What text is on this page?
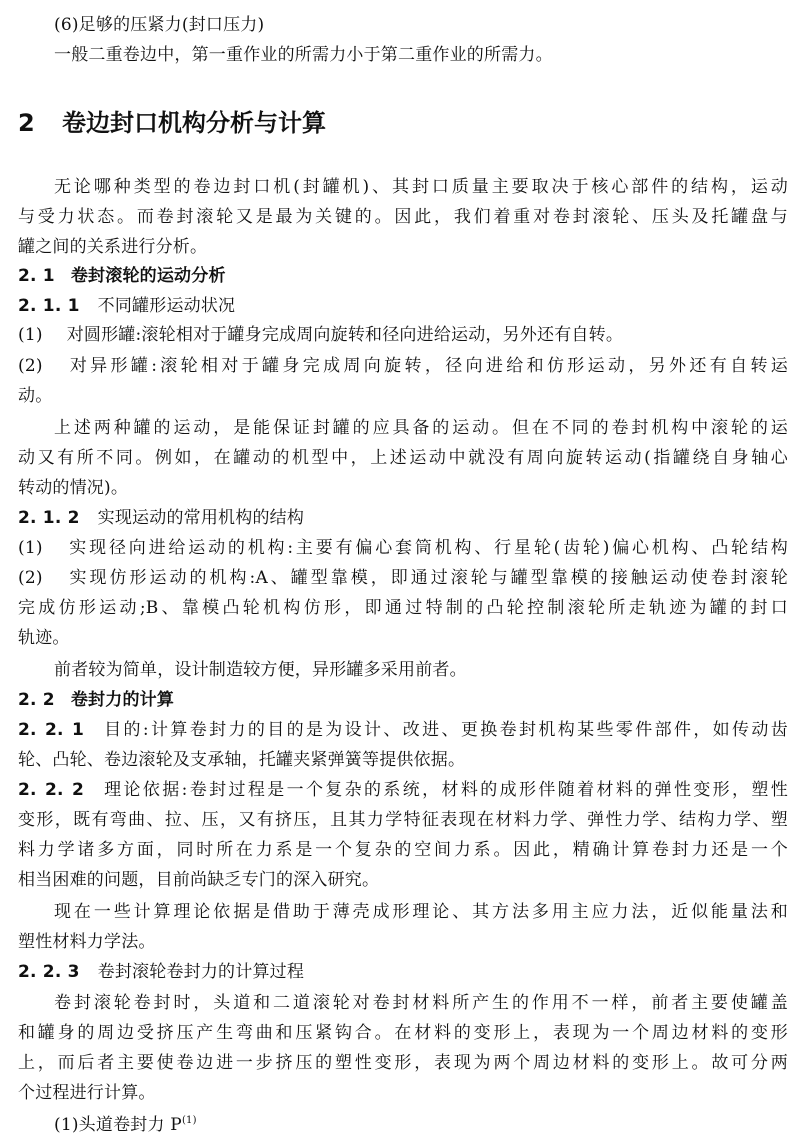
(6)足够的压紧力(封口压力)
一般二重卷边中，第一重作业的所需力小于第二重作业的所需力。
2 卷边封口机构分析与计算
无论哪种类型的卷边封口机(封罐机)、其封口质量主要取决于核心部件的结构，运动
与受力状态。而卷封滚轮又是最为关键的。因此，我们着重对卷封滚轮、压头及托罐盘与
罐之间的关系进行分析。
2. 1 卷封滚轮的运动分析
2. 1. 1 不同罐形运动状况
(1) 对圆形罐:滚轮相对于罐身完成周向旋转和径向进给运动，另外还有自转。
(2) 对异形罐:滚轮相对于罐身完成周向旋转，径向进给和仿形运动，另外还有自转运
动。
上述两种罐的运动，是能保证封罐的应具备的运动。但在不同的卷封机构中滚轮的运
动又有所不同。例如，在罐动的机型中，上述运动中就没有周向旋转运动(指罐绕自身轴心
转动的情况)。
2. 1. 2 实现运动的常用机构的结构
(1) 实现径向进给运动的机构:主要有偏心套筒机构、行星轮(齿轮)偏心机构、凸轮结构
(2) 实现仿形运动的机构:A、罐型靠模，即通过滚轮与罐型靠模的接触运动使卷封滚轮
完成仿形运动;B、靠模凸轮机构仿形，即通过特制的凸轮控制滚轮所走轨迹为罐的封口
轨迹。
前者较为简单，设计制造较方便，异形罐多采用前者。
2. 2 卷封力的计算
2. 2. 1 目的:计算卷封力的目的是为设计、改进、更换卷封机构某些零件部件，如传动齿
轮、凸轮、卷边滚轮及支承轴，托罐夹紧弹簧等提供依据。
2. 2. 2 理论依据:卷封过程是一个复杂的系统，材料的成形伴随着材料的弹性变形，塑性
变形，既有弯曲、拉、压，又有挤压，且其力学特征表现在材料力学、弹性力学、结构力学、塑
料力学诸多方面，同时所在力系是一个复杂的空间力系。因此，精确计算卷封力还是一个
相当困难的问题，目前尚缺乏专门的深入研究。
现在一些计算理论依据是借助于薄壳成形理论、其方法多用主应力法，近似能量法和
塑性材料力学法。
2. 2. 3 卷封滚轮卷封力的计算过程
卷封滚轮卷封时，头道和二道滚轮对卷封材料所产生的作用不一样，前者主要使罐盖
和罐身的周边受挤压产生弯曲和压紧钩合。在材料的变形上，表现为一个周边材料的变形
上，而后者主要使卷边进一步挤压的塑性变形，表现为两个周边材料的变形上。故可分两
个过程进行计算。
(1)头道卷封力 $P^{(1)}$
